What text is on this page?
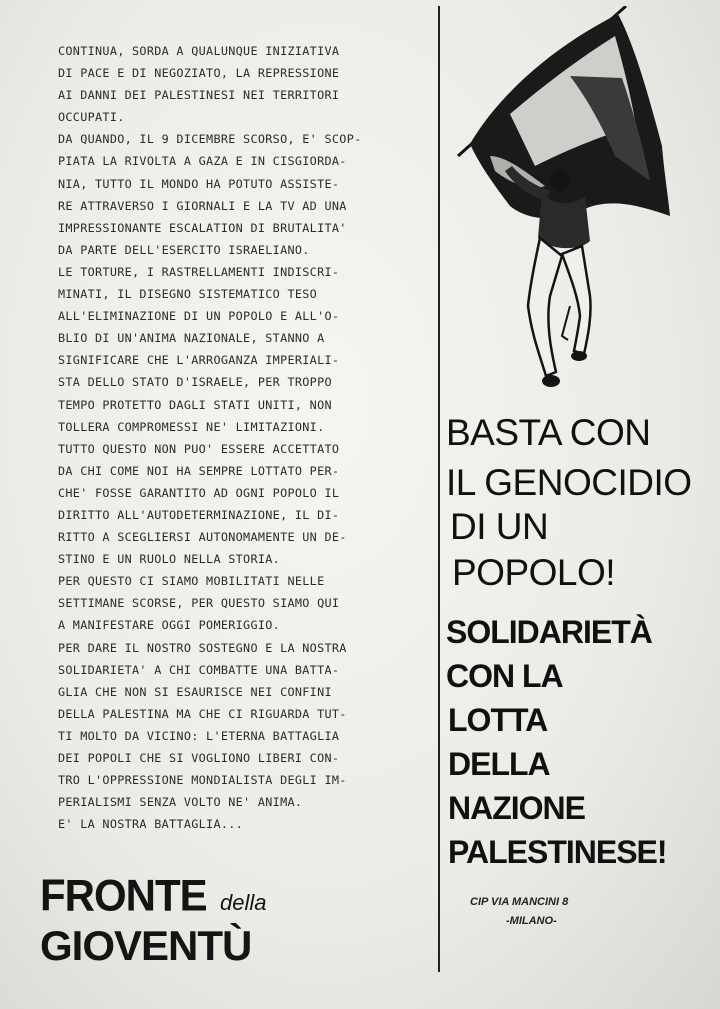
CONTINUA, SORDA A QUALUNQUE INIZIATIVA
DI PACE E DI NEGOZIATO, LA REPRESSIONE
AI DANNI DEI PALESTINESI NEI TERRITORI
OCCUPATI.
DA QUANDO, IL 9 DICEMBRE SCORSO, E' SCOP-
PIATA LA RIVOLTA A GAZA E IN CISGIORDA-
NIA, TUTTO IL MONDO HA POTUTO ASSISTE-
RE ATTRAVERSO I GIORNALI E LA TV AD UNA
IMPRESSIONANTE ESCALATION DI BRUTALITA'
DA PARTE DELL'ESERCITO ISRAELIANO.
LE TORTURE, I RASTRELLAMENTI INDISCRI-
MINATI, IL DISEGNO SISTEMATICO TESO
ALL'ELIMINAZIONE DI UN POPOLO E ALL'O-
BLIO DI UN'ANIMA NAZIONALE, STANNO A
SIGNIFICARE CHE L'ARROGANZA IMPERIALI-
STA DELLO STATO D'ISRAELE, PER TROPPO
TEMPO PROTETTO DAGLI STATI UNITI, NON
TOLLERA COMPROMESSI NE' LIMITAZIONI.
TUTTO QUESTO NON PUO' ESSERE ACCETTATO
DA CHI COME NOI HA SEMPRE LOTTATO PER-
CHE' FOSSE GARANTITO AD OGNI POPOLO IL
DIRITTO ALL'AUTODETERMINAZIONE, IL DI-
RITTO A SCEGLIERSI AUTONOMAMENTE UN DE-
STINO E UN RUOLO NELLA STORIA.
PER QUESTO CI SIAMO MOBILITATI NELLE
SETTIMANE SCORSE, PER QUESTO SIAMO QUI
A MANIFESTARE OGGI POMERIGGIO.
PER DARE IL NOSTRO SOSTEGNO E LA NOSTRA
SOLIDARIETA' A CHI COMBATTE UNA BATTA-
GLIA CHE NON SI ESAURISCE NEI CONFINI
DELLA PALESTINA MA CHE CI RIGUARDA TUT-
TI MOLTO DA VICINO: L'ETERNA BATTAGLIA
DEI POPOLI CHE SI VOGLIONO LIBERI CON-
TRO L'OPPRESSIONE MONDIALISTA DEGLI IM-
PERIALISMI SENZA VOLTO NE' ANIMA.
E' LA NOSTRA BATTAGLIA...
FRONTE della
GIOVENTÙ
BASTA CON
IL GENOCIDIO
DI UN
POPOLO!
SOLIDARIETÀ
CON LA
LOTTA
DELLA
NAZIONE
PALESTINESE!
CIP VIA MANCINI 8
-MILANO-
